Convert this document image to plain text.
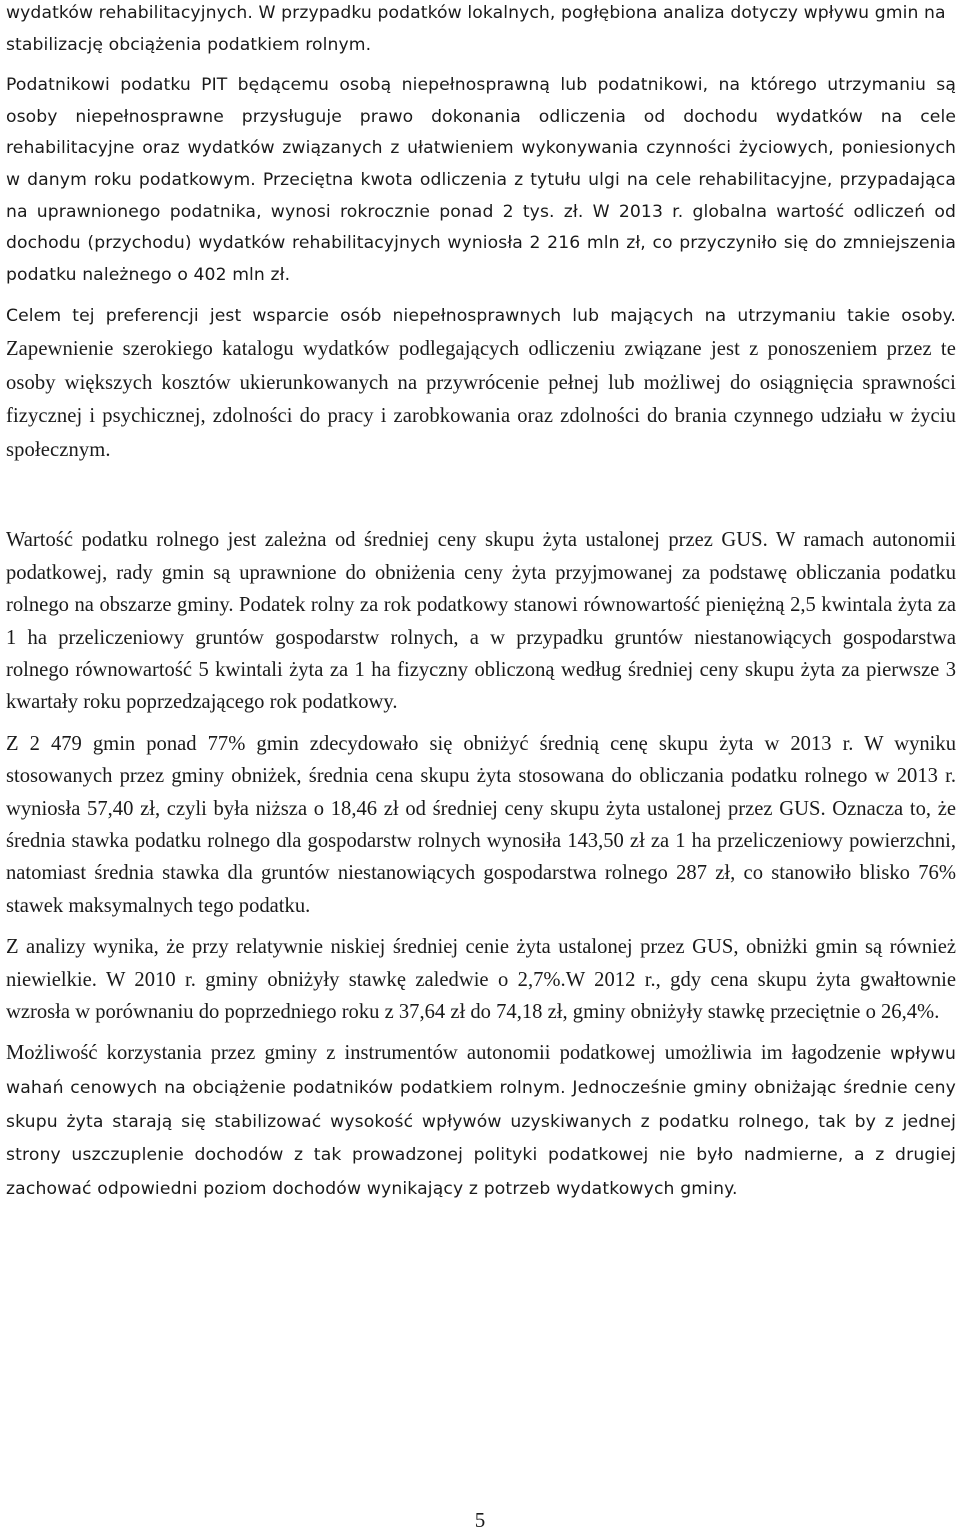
wydatków rehabilitacyjnych. W przypadku podatków lokalnych, pogłębiona analiza dotyczy wpływu gmin na stabilizację obciążenia podatkiem rolnym.

Podatnikowi podatku PIT będącemu osobą niepełnosprawną lub podatnikowi, na którego utrzymaniu są osoby niepełnosprawne przysługuje prawo dokonania odliczenia od dochodu wydatków na cele rehabilitacyjne oraz wydatków związanych z ułatwieniem wykonywania czynności życiowych, poniesionych w danym roku podatkowym. Przeciętna kwota odliczenia z tytułu ulgi na cele rehabilitacyjne, przypadająca na uprawnionego podatnika, wynosi rokrocznie ponad 2 tys. zł. W 2013 r. globalna wartość odliczeń od dochodu (przychodu) wydatków rehabilitacyjnych wyniosła 2 216 mln zł, co przyczyniło się do zmniejszenia podatku należnego o 402 mln zł.

Celem tej preferencji jest wsparcie osób niepełnosprawnych lub mających na utrzymaniu takie osoby. Zapewnienie szerokiego katalogu wydatków podlegających odliczeniu związane jest z ponoszeniem przez te osoby większych kosztów ukierunkowanych na przywrócenie pełnej lub możliwej do osiągnięcia sprawności fizycznej i psychicznej, zdolności do pracy i zarobkowania oraz zdolności do brania czynnego udziału w życiu społecznym.

Wartość podatku rolnego jest zależna od średniej ceny skupu żyta ustalonej przez GUS. W ramach autonomii podatkowej, rady gmin są uprawnione do obniżenia ceny żyta przyjmowanej za podstawę obliczania podatku rolnego na obszarze gminy. Podatek rolny za rok podatkowy stanowi równowartość pieniężną 2,5 kwintala żyta za 1 ha przeliczeniowy gruntów gospodarstw rolnych, a w przypadku gruntów niestanowiących gospodarstwa rolnego równowartość 5 kwintali żyta za 1 ha fizyczny obliczoną według średniej ceny skupu żyta za pierwsze 3 kwartały roku poprzedzającego rok podatkowy.

Z 2 479 gmin ponad 77% gmin zdecydowało się obniżyć średnią cenę skupu żyta w 2013 r. W wyniku stosowanych przez gminy obniżek, średnia cena skupu żyta stosowana do obliczania podatku rolnego w 2013 r. wyniosła 57,40 zł, czyli była niższa o 18,46 zł od średniej ceny skupu żyta ustalonej przez GUS. Oznacza to, że średnia stawka podatku rolnego dla gospodarstw rolnych wynosiła 143,50 zł za 1 ha przeliczeniowy powierzchni, natomiast średnia stawka dla gruntów niestanowiących gospodarstwa rolnego 287 zł, co stanowiło blisko 76% stawek maksymalnych tego podatku.

Z analizy wynika, że przy relatywnie niskiej średniej cenie żyta ustalonej przez GUS, obniżki gmin są również niewielkie. W 2010 r. gminy obniżyły stawkę zaledwie o 2,7%.W 2012 r., gdy cena skupu żyta gwałtownie wzrosła w porównaniu do poprzedniego roku z 37,64 zł do 74,18 zł, gminy obniżyły stawkę przeciętnie o 26,4%.

Możliwość korzystania przez gminy z instrumentów autonomii podatkowej umożliwia im łagodzenie wpływu wahań cenowych na obciążenie podatników podatkiem rolnym. Jednocześnie gminy obniżając średnie ceny skupu żyta starają się stabilizować wysokość wpływów uzyskiwanych z podatku rolnego, tak by z jednej strony uszczuplenie dochodów z tak prowadzonej polityki podatkowej nie było nadmierne, a z drugiej zachować odpowiedni poziom dochodów wynikający z potrzeb wydatkowych gminy.

5
